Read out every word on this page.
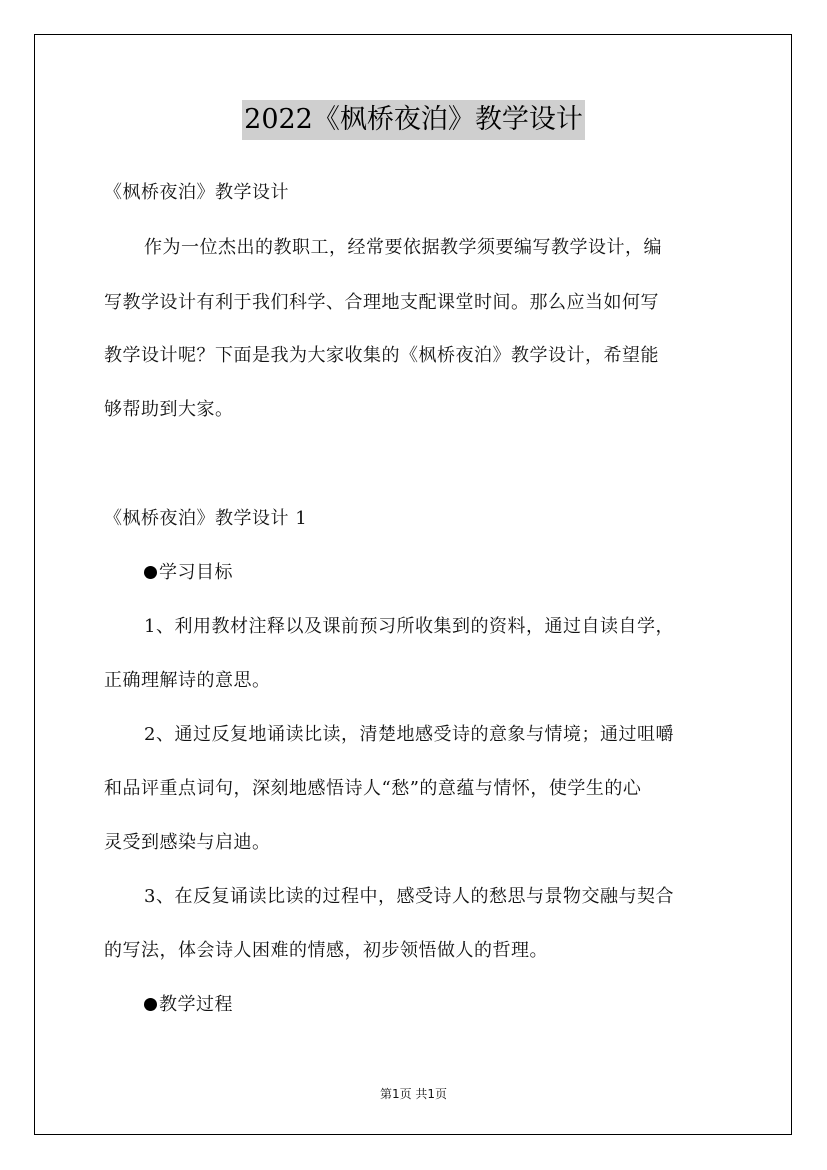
2022《枫桥夜泊》教学设计
《枫桥夜泊》教学设计
作为一位杰出的教职工，经常要依据教学须要编写教学设计，编
写教学设计有利于我们科学、合理地支配课堂时间。那么应当如何写
教学设计呢？下面是我为大家收集的《枫桥夜泊》教学设计，希望能
够帮助到大家。
《枫桥夜泊》教学设计 1
学习目标
1、利用教材注释以及课前预习所收集到的资料，通过自读自学，
正确理解诗的意思。
2、通过反复地诵读比读，清楚地感受诗的意象与情境；通过咀嚼
和品评重点词句，深刻地感悟诗人“愁”的意蕴与情怀，使学生的心
灵受到感染与启迪。
3、在反复诵读比读的过程中，感受诗人的愁思与景物交融与契合
的写法，体会诗人困难的情感，初步领悟做人的哲理。
教学过程
第1页 共1页
